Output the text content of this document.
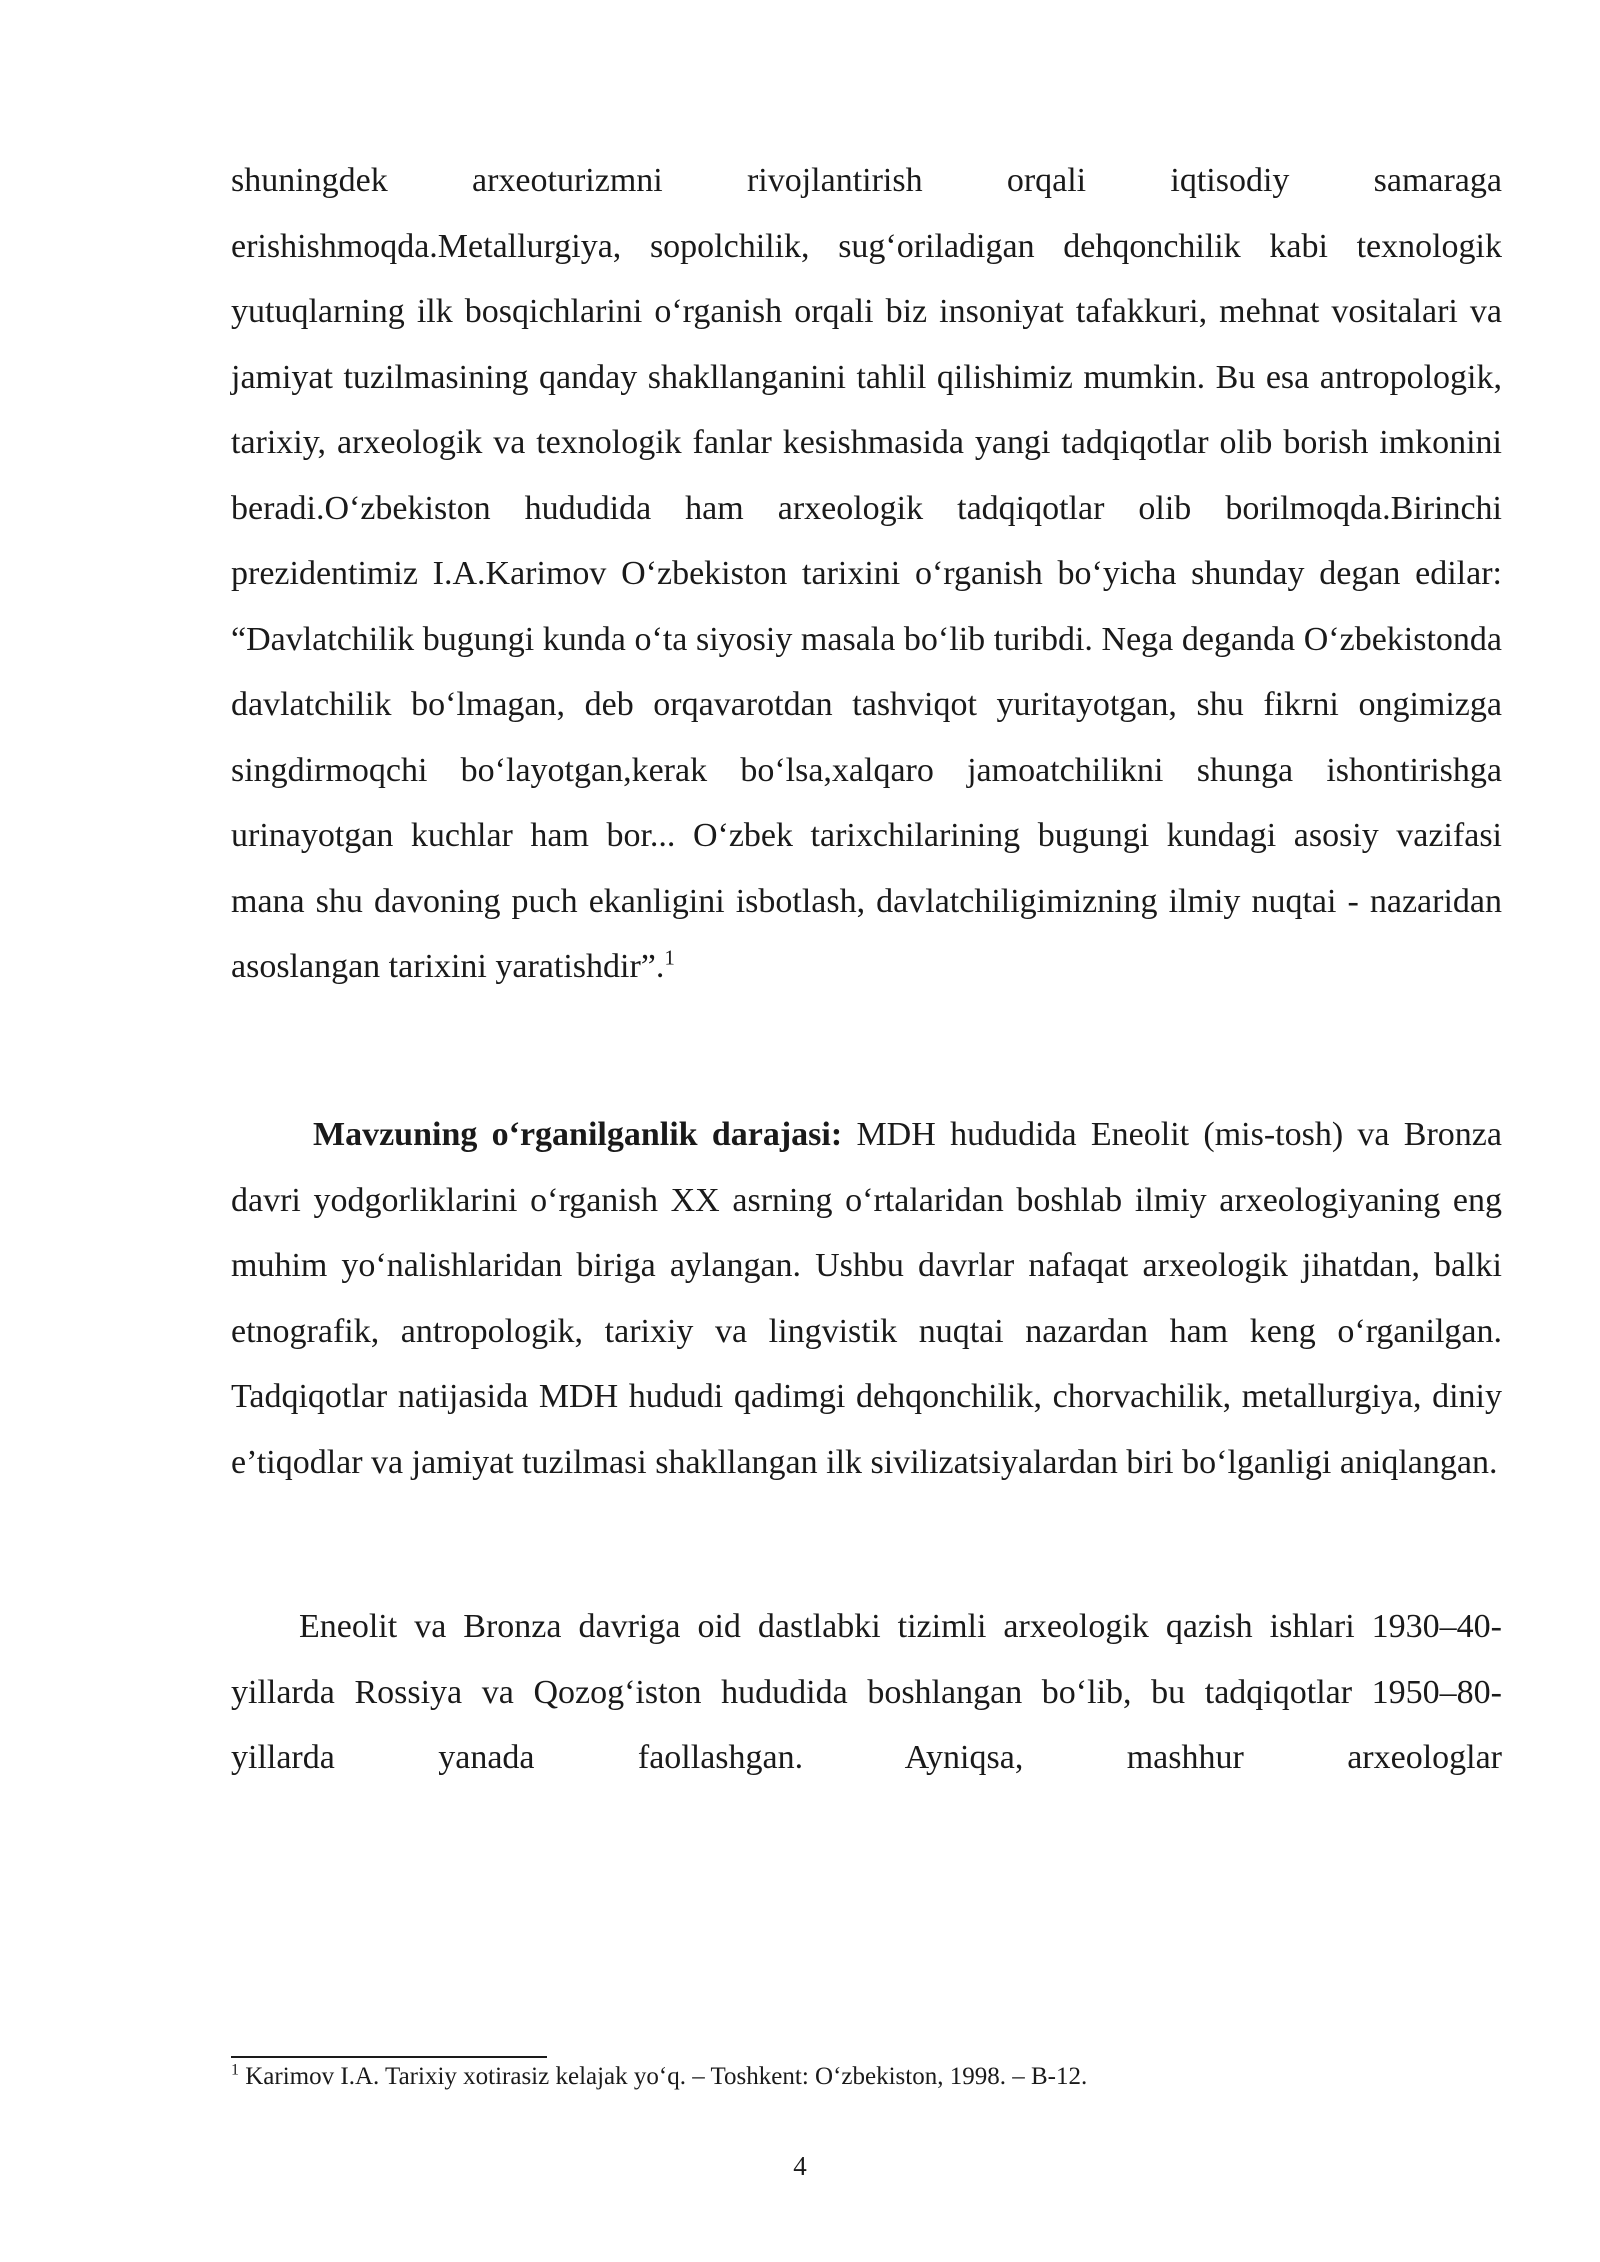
shuningdek arxeoturizmni rivojlantirish orqali iqtisodiy samaraga erishishmoqda.Metallurgiya, sopolchilik, sug‘oriladigan dehqonchilik kabi texnologik yutuqlarning ilk bosqichlarini o‘rganish orqali biz insoniyat tafakkuri, mehnat vositalari va jamiyat tuzilmasining qanday shakllanganini tahlil qilishimiz mumkin. Bu esa antropologik, tarixiy, arxeologik va texnologik fanlar kesishmasida yangi tadqiqotlar olib borish imkonini beradi.O‘zbekiston hududida ham arxeologik tadqiqotlar olib borilmoqda.Birinchi prezidentimiz I.A.Karimov O‘zbekiston tarixini o‘rganish bo‘yicha shunday degan edilar: “Davlatchilik bugungi kunda o‘ta siyosiy masala bo‘lib turibdi. Nega deganda O‘zbekistonda davlatchilik bo‘lmagan, deb orqavarotdan tashviqot yuritayotgan, shu fikrni ongimizga singdirmoqchi bo‘layotgan,kerak bo‘lsa,xalqaro jamoatchilikni shunga ishontirishga urinayotgan kuchlar ham bor... O‘zbek tarixchilarining bugungi kundagi asosiy vazifasi mana shu davoning puch ekanligini isbotlash, davlatchiligimizning ilmiy nuqtai - nazaridan asoslangan tarixini yaratishdir”.$^1$

Mavzuning o‘rganilganlik darajasi: MDH hududida Eneolit (mis-tosh) va Bronza davri yodgorliklarini o‘rganish XX asrning o‘rtalaridan boshlab ilmiy arxeologiyaning eng muhim yo‘nalishlaridan biriga aylangan. Ushbu davrlar nafaqat arxeologik jihatdan, balki etnografik, antropologik, tarixiy va lingvistik nuqtai nazardan ham keng o‘rganilgan. Tadqiqotlar natijasida MDH hududi qadimgi dehqonchilik, chorvachilik, metallurgiya, diniy e’tiqodlar va jamiyat tuzilmasi shakllangan ilk sivilizatsiyalardan biri bo‘lganligi aniqlangan.

Eneolit va Bronza davriga oid dastlabki tizimli arxeologik qazish ishlari 1930–40-yillarda Rossiya va Qozog‘iston hududida boshlangan bo‘lib, bu tadqiqotlar 1950–80-yillarda yanada faollashgan. Ayniqsa, mashhur arxeologlar

$^1$ Karimov I.A. Tarixiy xotirasiz kelajak yo‘q. – Toshkent: O‘zbekiston, 1998. – B-12.

4
